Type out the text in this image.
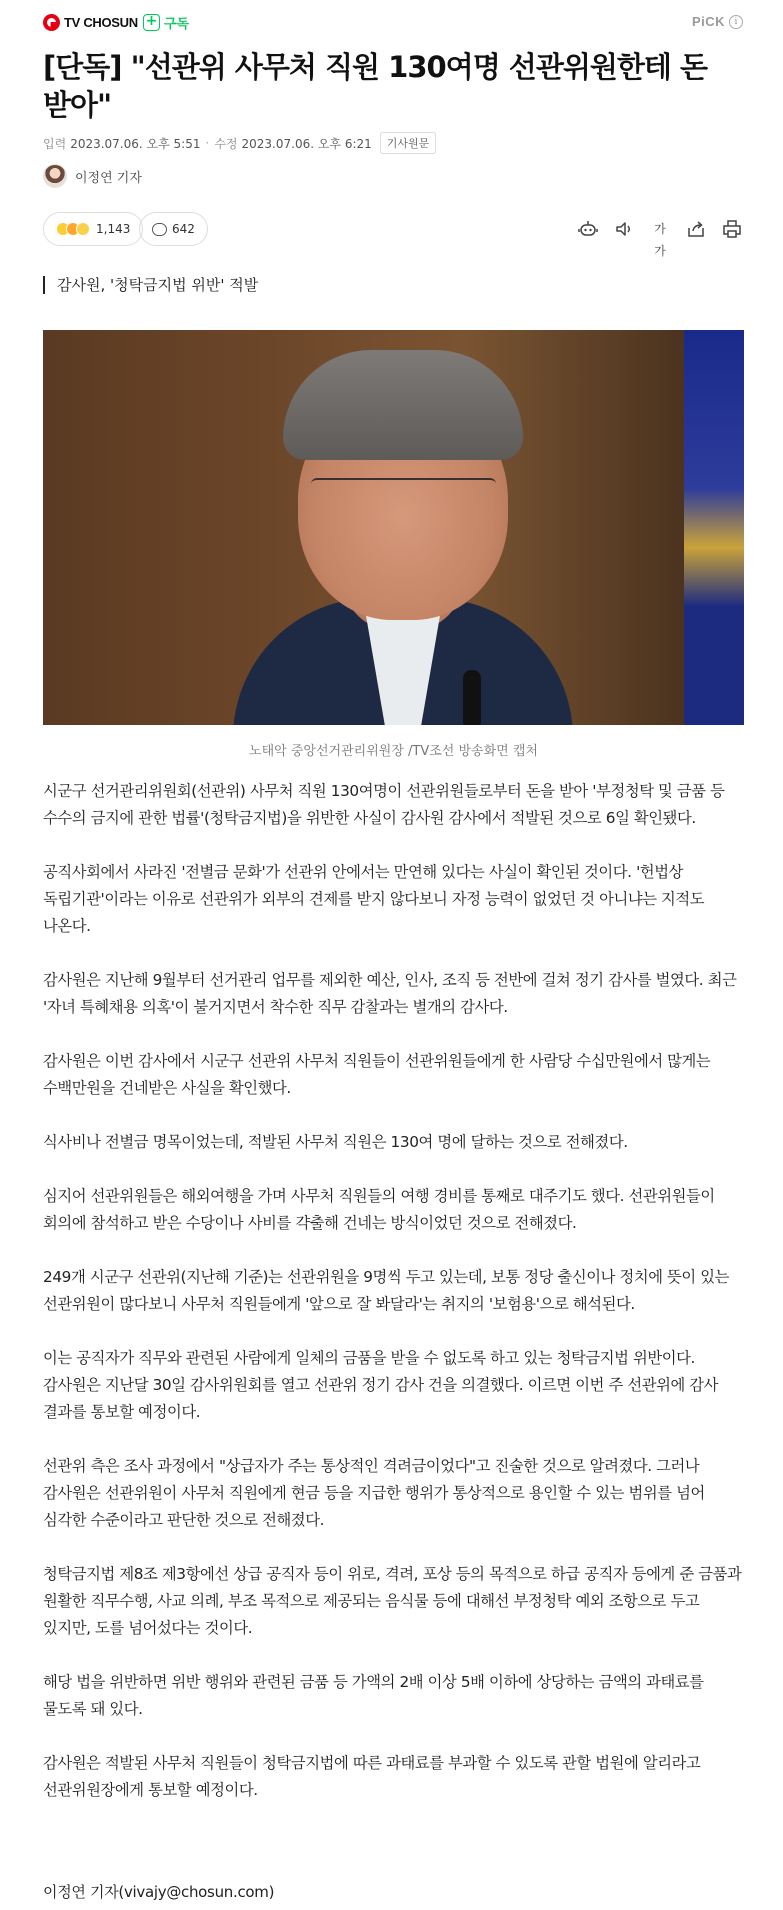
TV CHOSUN + 구독	PiCK	i
[단독] "선관위 사무처 직원 130여명 선관위원한테 돈 받아"
입력 2023.07.06. 오후 5:51 · 수정 2023.07.06. 오후 6:21	기사원문
이정연 기자
1,143	642	가가
감사원, '청탁금지법 위반' 적발
노태악 중앙선거관리위원장 /TV조선 방송화면 캡처

시군구 선거관리위원회(선관위) 사무처 직원 130여명이 선관위원들로부터 돈을 받아 '부정청탁 및 금품 등 수수의 금지에 관한 법률'(청탁금지법)을 위반한 사실이 감사원 감사에서 적발된 것으로 6일 확인됐다.

공직사회에서 사라진 '전별금 문화'가 선관위 안에서는 만연해 있다는 사실이 확인된 것이다. '헌법상 독립기관'이라는 이유로 선관위가 외부의 견제를 받지 않다보니 자정 능력이 없었던 것 아니냐는 지적도 나온다.

감사원은 지난해 9월부터 선거관리 업무를 제외한 예산, 인사, 조직 등 전반에 걸쳐 정기 감사를 벌였다. 최근 '자녀 특혜채용 의혹'이 불거지면서 착수한 직무 감찰과는 별개의 감사다.

감사원은 이번 감사에서 시군구 선관위 사무처 직원들이 선관위원들에게 한 사람당 수십만원에서 많게는 수백만원을 건네받은 사실을 확인했다.

식사비나 전별금 명목이었는데, 적발된 사무처 직원은 130여 명에 달하는 것으로 전해졌다.

심지어 선관위원들은 해외여행을 가며 사무처 직원들의 여행 경비를 통째로 대주기도 했다. 선관위원들이 회의에 참석하고 받은 수당이나 사비를 갹출해 건네는 방식이었던 것으로 전해졌다.

249개 시군구 선관위(지난해 기준)는 선관위원을 9명씩 두고 있는데, 보통 정당 출신이나 정치에 뜻이 있는 선관위원이 많다보니 사무처 직원들에게 '앞으로 잘 봐달라'는 취지의 '보험용'으로 해석된다.

이는 공직자가 직무와 관련된 사람에게 일체의 금품을 받을 수 없도록 하고 있는 청탁금지법 위반이다. 감사원은 지난달 30일 감사위원회를 열고 선관위 정기 감사 건을 의결했다. 이르면 이번 주 선관위에 감사 결과를 통보할 예정이다.

선관위 측은 조사 과정에서 "상급자가 주는 통상적인 격려금이었다"고 진술한 것으로 알려졌다. 그러나 감사원은 선관위원이 사무처 직원에게 현금 등을 지급한 행위가 통상적으로 용인할 수 있는 범위를 넘어 심각한 수준이라고 판단한 것으로 전해졌다.

청탁금지법 제8조 제3항에선 상급 공직자 등이 위로, 격려, 포상 등의 목적으로 하급 공직자 등에게 준 금품과 원활한 직무수행, 사교 의례, 부조 목적으로 제공되는 음식물 등에 대해선 부정청탁 예외 조항으로 두고 있지만, 도를 넘어섰다는 것이다.

해당 법을 위반하면 위반 행위와 관련된 금품 등 가액의 2배 이상 5배 이하에 상당하는 금액의 과태료를 물도록 돼 있다.

감사원은 적발된 사무처 직원들이 청탁금지법에 따른 과태료를 부과할 수 있도록 관할 법원에 알리라고 선관위원장에게 통보할 예정이다.

이정연 기자(vivajy@chosun.com)
